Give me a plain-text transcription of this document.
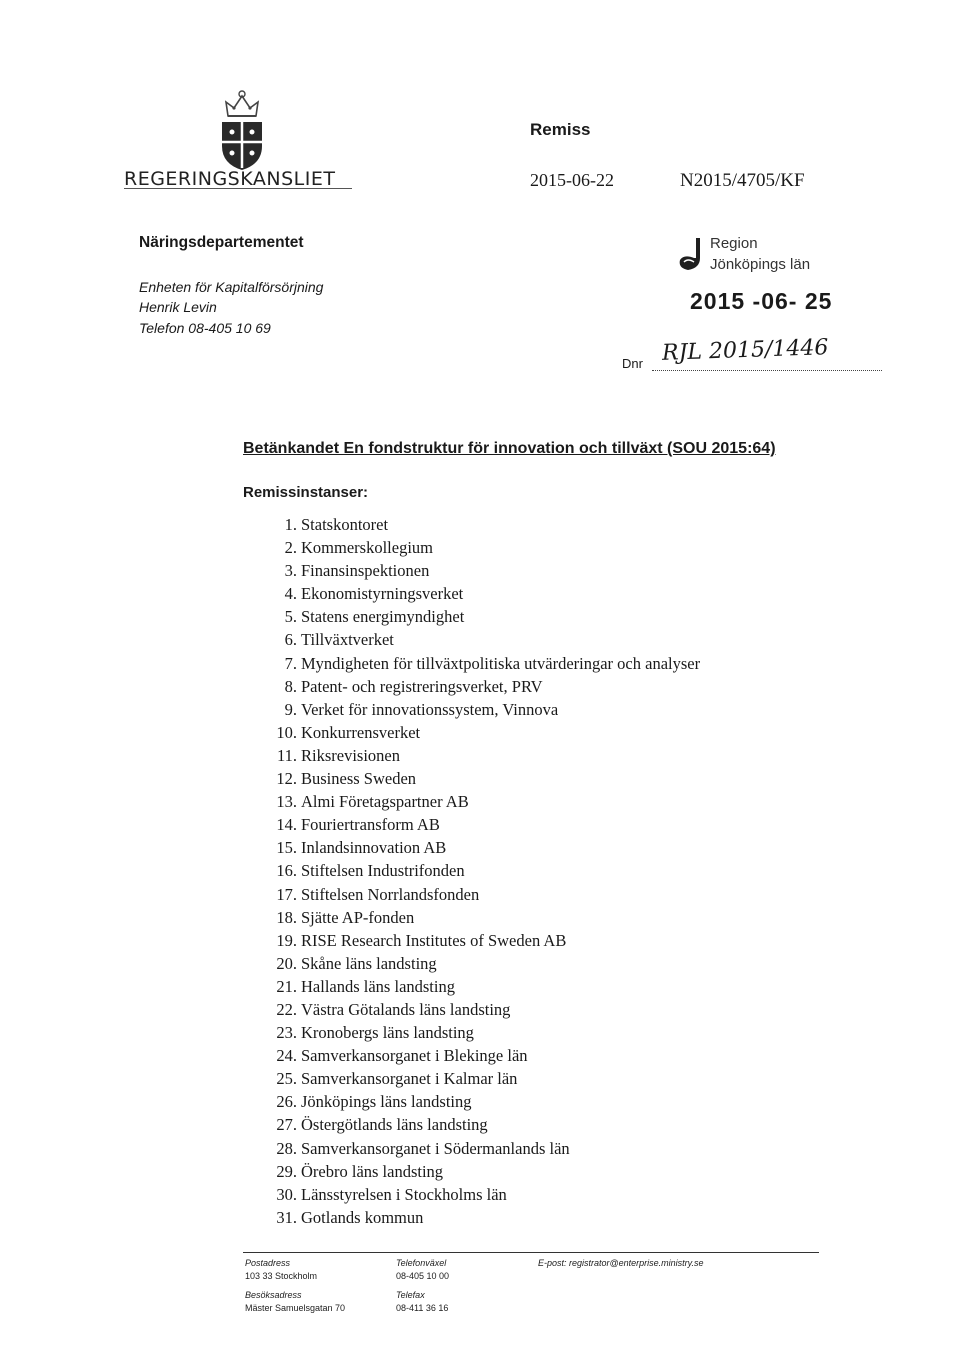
REGERINGSKANSLIET
Remiss
2015-06-22	N2015/4705/KF
Näringsdepartementet
Enheten för Kapitalförsörjning
Henrik Levin
Telefon 08-405 10 69
Region
Jönköpings län
2015 -06- 25
Dnr RJL 2015/1446
Betänkandet En fondstruktur för innovation och tillväxt (SOU 2015:64)
Remissinstanser:
1. Statskontoret
2. Kommerskollegium
3. Finansinspektionen
4. Ekonomistyrningsverket
5. Statens energimyndighet
6. Tillväxtverket
7. Myndigheten för tillväxtpolitiska utvärderingar och analyser
8. Patent- och registreringsverket, PRV
9. Verket för innovationssystem, Vinnova
10. Konkurrensverket
11. Riksrevisionen
12. Business Sweden
13. Almi Företagspartner AB
14. Fouriertransform AB
15. Inlandsinnovation AB
16. Stiftelsen Industrifonden
17. Stiftelsen Norrlandsfonden
18. Sjätte AP-fonden
19. RISE Research Institutes of Sweden AB
20. Skåne läns landsting
21. Hallands läns landsting
22. Västra Götalands läns landsting
23. Kronobergs läns landsting
24. Samverkansorganet i Blekinge län
25. Samverkansorganet i Kalmar län
26. Jönköpings läns landsting
27. Östergötlands läns landsting
28. Samverkansorganet i Södermanlands län
29. Örebro läns landsting
30. Länsstyrelsen i Stockholms län
31. Gotlands kommun
Postadress
103 33 Stockholm
Besöksadress
Mäster Samuelsgatan 70
Telefonväxel
08-405 10 00
Telefax
08-411 36 16
E-post: registrator@enterprise.ministry.se
